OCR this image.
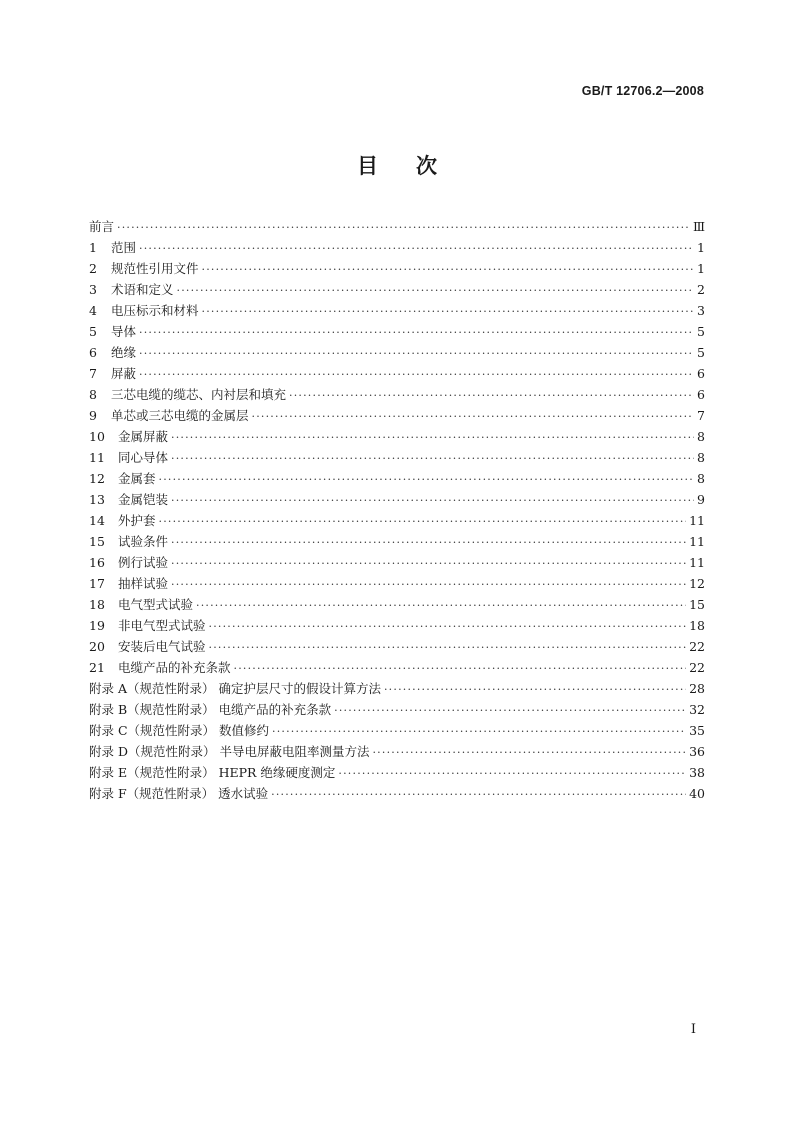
GB/T 12706.2—2008
目次
前言 ·····	Ⅲ
1	范围 ·····	1
2	规范性引用文件 ·····	1
3	术语和定义 ·····	2
4	电压标示和材料 ·····	3
5	导体 ·····	5
6	绝缘 ·····	5
7	屏蔽 ·····	6
8	三芯电缆的缆芯、内衬层和填充 ·····	6
9	单芯或三芯电缆的金属层 ·····	7
10	金属屏蔽 ·····	8
11	同心导体 ·····	8
12	金属套 ·····	8
13	金属铠装 ·····	9
14	外护套 ·····	11
15	试验条件 ·····	11
16	例行试验 ·····	11
17	抽样试验 ·····	12
18	电气型式试验 ·····	15
19	非电气型式试验 ·····	18
20	安装后电气试验 ·····	22
21	电缆产品的补充条款 ·····	22
附录 A（规范性附录） 确定护层尺寸的假设计算方法 ·····	28
附录 B（规范性附录） 电缆产品的补充条款 ·····	32
附录 C（规范性附录） 数值修约 ·····	35
附录 D（规范性附录） 半导电屏蔽电阻率测量方法 ·····	36
附录 E（规范性附录） HEPR 绝缘硬度测定 ·····	38
附录 F（规范性附录） 透水试验 ·····	40
I
